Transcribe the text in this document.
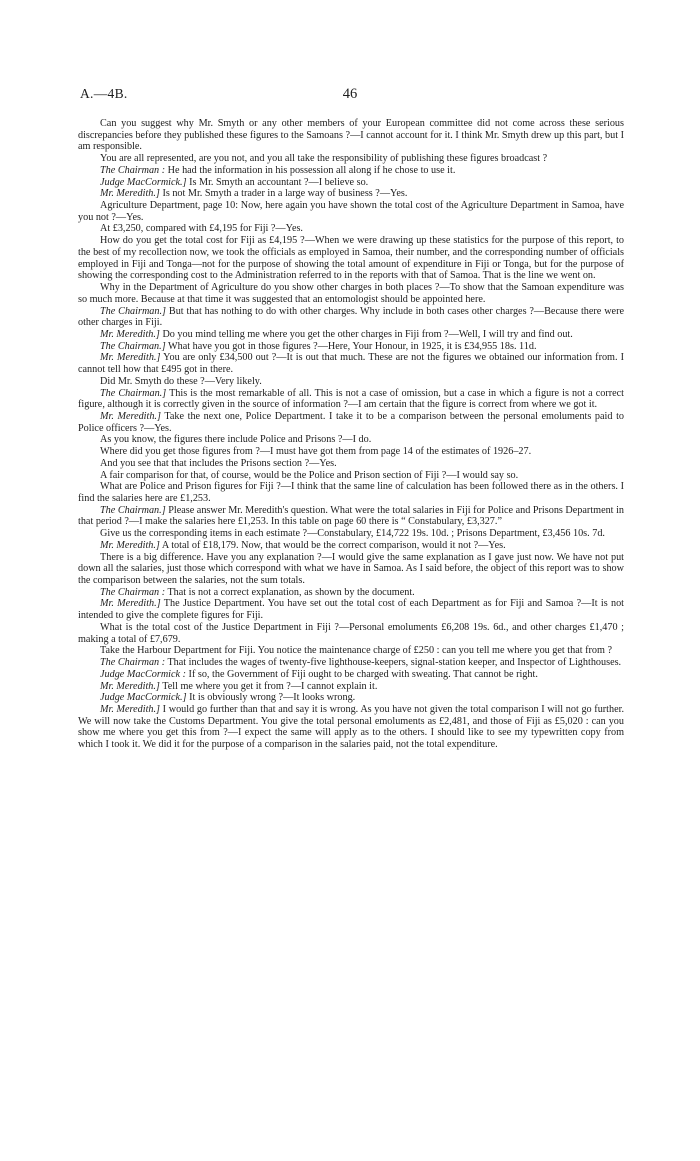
A.—4B.	46

Can you suggest why Mr. Smyth or any other members of your European committee did not come across these serious discrepancies before they published these figures to the Samoans ?—I cannot account for it. I think Mr. Smyth drew up this part, but I am responsible.

You are all represented, are you not, and you all take the responsibility of publishing these figures broadcast ?

The Chairman : He had the information in his possession all along if he chose to use it.

Judge MacCormick.] Is Mr. Smyth an accountant ?—I believe so.

Mr. Meredith.] Is not Mr. Smyth a trader in a large way of business ?—Yes.

Agriculture Department, page 10: Now, here again you have shown the total cost of the Agriculture Department in Samoa, have you not ?—Yes.

At £3,250, compared with £4,195 for Fiji ?—Yes.

How do you get the total cost for Fiji as £4,195 ?—When we were drawing up these statistics for the purpose of this report, to the best of my recollection now, we took the officials as employed in Samoa, their number, and the corresponding number of officials employed in Fiji and Tonga—not for the purpose of showing the total amount of expenditure in Fiji or Tonga, but for the purpose of showing the corresponding cost to the Administration referred to in the reports with that of Samoa. That is the line we went on.

Why in the Department of Agriculture do you show other charges in both places ?—To show that the Samoan expenditure was so much more. Because at that time it was suggested that an entomologist should be appointed here.

The Chairman.] But that has nothing to do with other charges. Why include in both cases other charges ?—Because there were other charges in Fiji.

Mr. Meredith.] Do you mind telling me where you get the other charges in Fiji from ?—Well, I will try and find out.

The Chairman.] What have you got in those figures ?—Here, Your Honour, in 1925, it is £34,955 18s. 11d.

Mr. Meredith.] You are only £34,500 out ?—It is out that much. These are not the figures we obtained our information from. I cannot tell how that £495 got in there.

Did Mr. Smyth do these ?—Very likely.

The Chairman.] This is the most remarkable of all. This is not a case of omission, but a case in which a figure is not a correct figure, although it is correctly given in the source of information ?—I am certain that the figure is correct from where we got it.

Mr. Meredith.] Take the next one, Police Department. I take it to be a comparison between the personal emoluments paid to Police officers ?—Yes.

As you know, the figures there include Police and Prisons ?—I do.

Where did you get those figures from ?—I must have got them from page 14 of the estimates of 1926–27.

And you see that that includes the Prisons section ?—Yes.

A fair comparison for that, of course, would be the Police and Prison section of Fiji ?—I would say so.

What are Police and Prison figures for Fiji ?—I think that the same line of calculation has been followed there as in the others. I find the salaries here are £1,253.

The Chairman.] Please answer Mr. Meredith's question. What were the total salaries in Fiji for Police and Prisons Department in that period ?—I make the salaries here £1,253. In this table on page 60 there is “ Constabulary, £3,327.”

Give us the corresponding items in each estimate ?—Constabulary, £14,722 19s. 10d. ; Prisons Department, £3,456 10s. 7d.

Mr. Meredith.] A total of £18,179. Now, that would be the correct comparison, would it not ?—Yes.

There is a big difference. Have you any explanation ?—I would give the same explanation as I gave just now. We have not put down all the salaries, just those which correspond with what we have in Samoa. As I said before, the object of this report was to show the comparison between the salaries, not the sum totals.

The Chairman : That is not a correct explanation, as shown by the document.

Mr. Meredith.] The Justice Department. You have set out the total cost of each Department as for Fiji and Samoa ?—It is not intended to give the complete figures for Fiji.

What is the total cost of the Justice Department in Fiji ?—Personal emoluments £6,208 19s. 6d., and other charges £1,470 ; making a total of £7,679.

Take the Harbour Department for Fiji. You notice the maintenance charge of £250 : can you tell me where you get that from ?

The Chairman : That includes the wages of twenty-five lighthouse-keepers, signal-station keeper, and Inspector of Lighthouses.

Judge MacCormick : If so, the Government of Fiji ought to be charged with sweating. That cannot be right.

Mr. Meredith.] Tell me where you get it from ?—I cannot explain it.

Judge MacCormick.] It is obviously wrong ?—It looks wrong.

Mr. Meredith.] I would go further than that and say it is wrong. As you have not given the total comparison I will not go further. We will now take the Customs Department. You give the total personal emoluments as £2,481, and those of Fiji as £5,020 : can you show me where you get this from ?—I expect the same will apply as to the others. I should like to see my typewritten copy from which I took it. We did it for the purpose of a comparison in the salaries paid, not the total expenditure.
